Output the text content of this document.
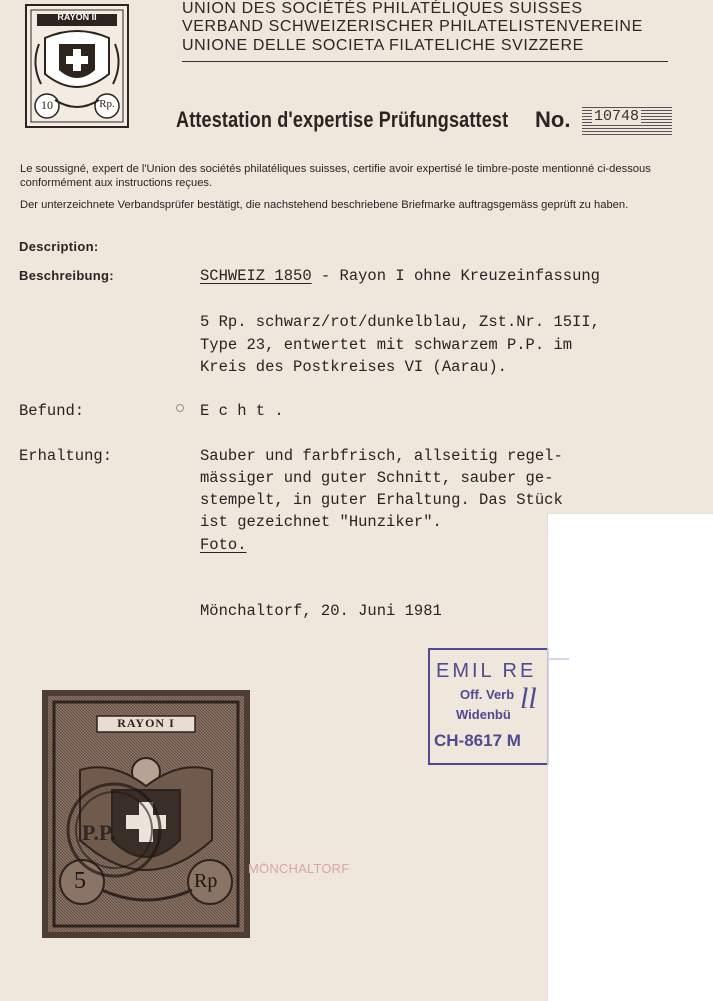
RAYON II
10	Rp.
UNION DES SOCIÉTÉS PHILATÉLIQUES SUISSES
VERBAND SCHWEIZERISCHER PHILATELISTENVEREINE
UNIONE DELLE SOCIETA FILATELICHE SVIZZERE
Attestation d'expertise Prüfungsattest No. 10748
Le soussigné, expert de l'Union des sociétés philatéliques suisses, certifie avoir expertisé le timbre-poste mentionné ci-dessous conformément aux instructions reçues.
Der unterzeichnete Verbandsprüfer bestätigt, die nachstehend beschriebene Briefmarke auftragsgemäss geprüft zu haben.
Description:
Beschreibung:	SCHWEIZ 1850 - Rayon I ohne Kreuzeinfassung
5 Rp. schwarz/rot/dunkelblau, Zst.Nr. 15II,
Type 23, entwertet mit schwarzem P.P. im
Kreis des Postkreises VI (Aarau).
Befund:	E c h t .
Erhaltung:	Sauber und farbfrisch, allseitig regel-
mässiger und guter Schnitt, sauber ge-
stempelt, in guter Erhaltung. Das Stück
ist gezeichnet "Hunziker".
Foto.
Mönchaltorf, 20. Juni 1981
EMIL RE
Off. Verb
Widenbü
CH-8617 M
ll
RAYON I
5	Rp
P.P.
MÖNCHALTORF
